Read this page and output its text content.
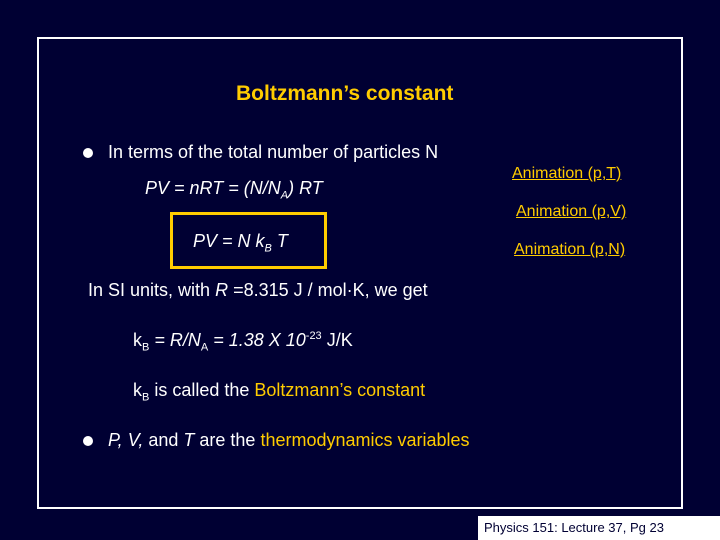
Boltzmann’s constant
In terms of the total number of particles N
PV = nRT = $(N/N_A)$ RT
PV = N $k_B$ T
Animation (p,T)
Animation (p,V)
Animation (p,N)
In SI units, with R =8.315 J / mol·K, we get
$k_B = R/N_A = 1.38$ X $10^{-23}$ J/K
$k_B$ is called the Boltzmann’s constant
P, V, and T are the thermodynamics variables
Physics 151: Lecture 37, Pg 23
